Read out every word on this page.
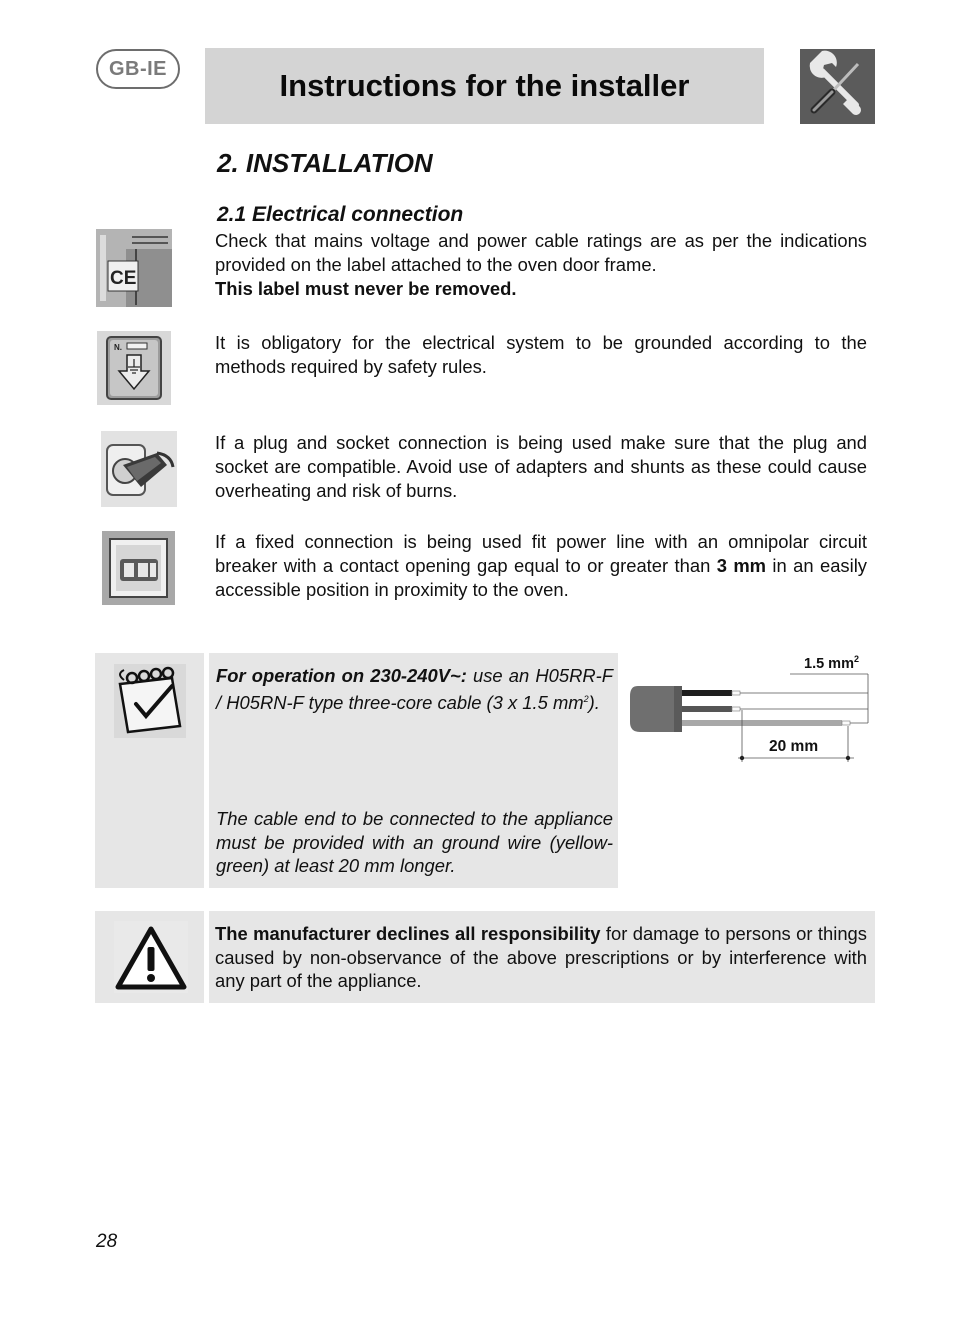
GB-IE	Instructions for the installer
2. INSTALLATION
2.1 Electrical connection
CE

Check that mains voltage and power cable ratings are as per the indications provided on the label attached to the oven door frame.
This label must never be removed.

N.	It is obligatory for the electrical system to be grounded according to the methods required by safety rules.

If a plug and socket connection is being used make sure that the plug and socket are compatible. Avoid use of adapters and shunts as these could cause overheating and risk of burns.

If a fixed connection is being used fit power line with an omnipolar circuit breaker with a contact opening gap equal to or greater than 3 mm in an easily accessible position in proximity to the oven.

For operation on 230-240V~: use an H05RR-F / H05RN-F type three-core cable (3 x 1.5 $mm^2$).

The cable end to be connected to the appliance must be provided with an ground wire (yellow-green) at least 20 mm longer.

1.5 $mm^2$
20 mm

The manufacturer declines all responsibility for damage to persons or things caused by non-observance of the above prescriptions or by interference with any part of the appliance.

28
